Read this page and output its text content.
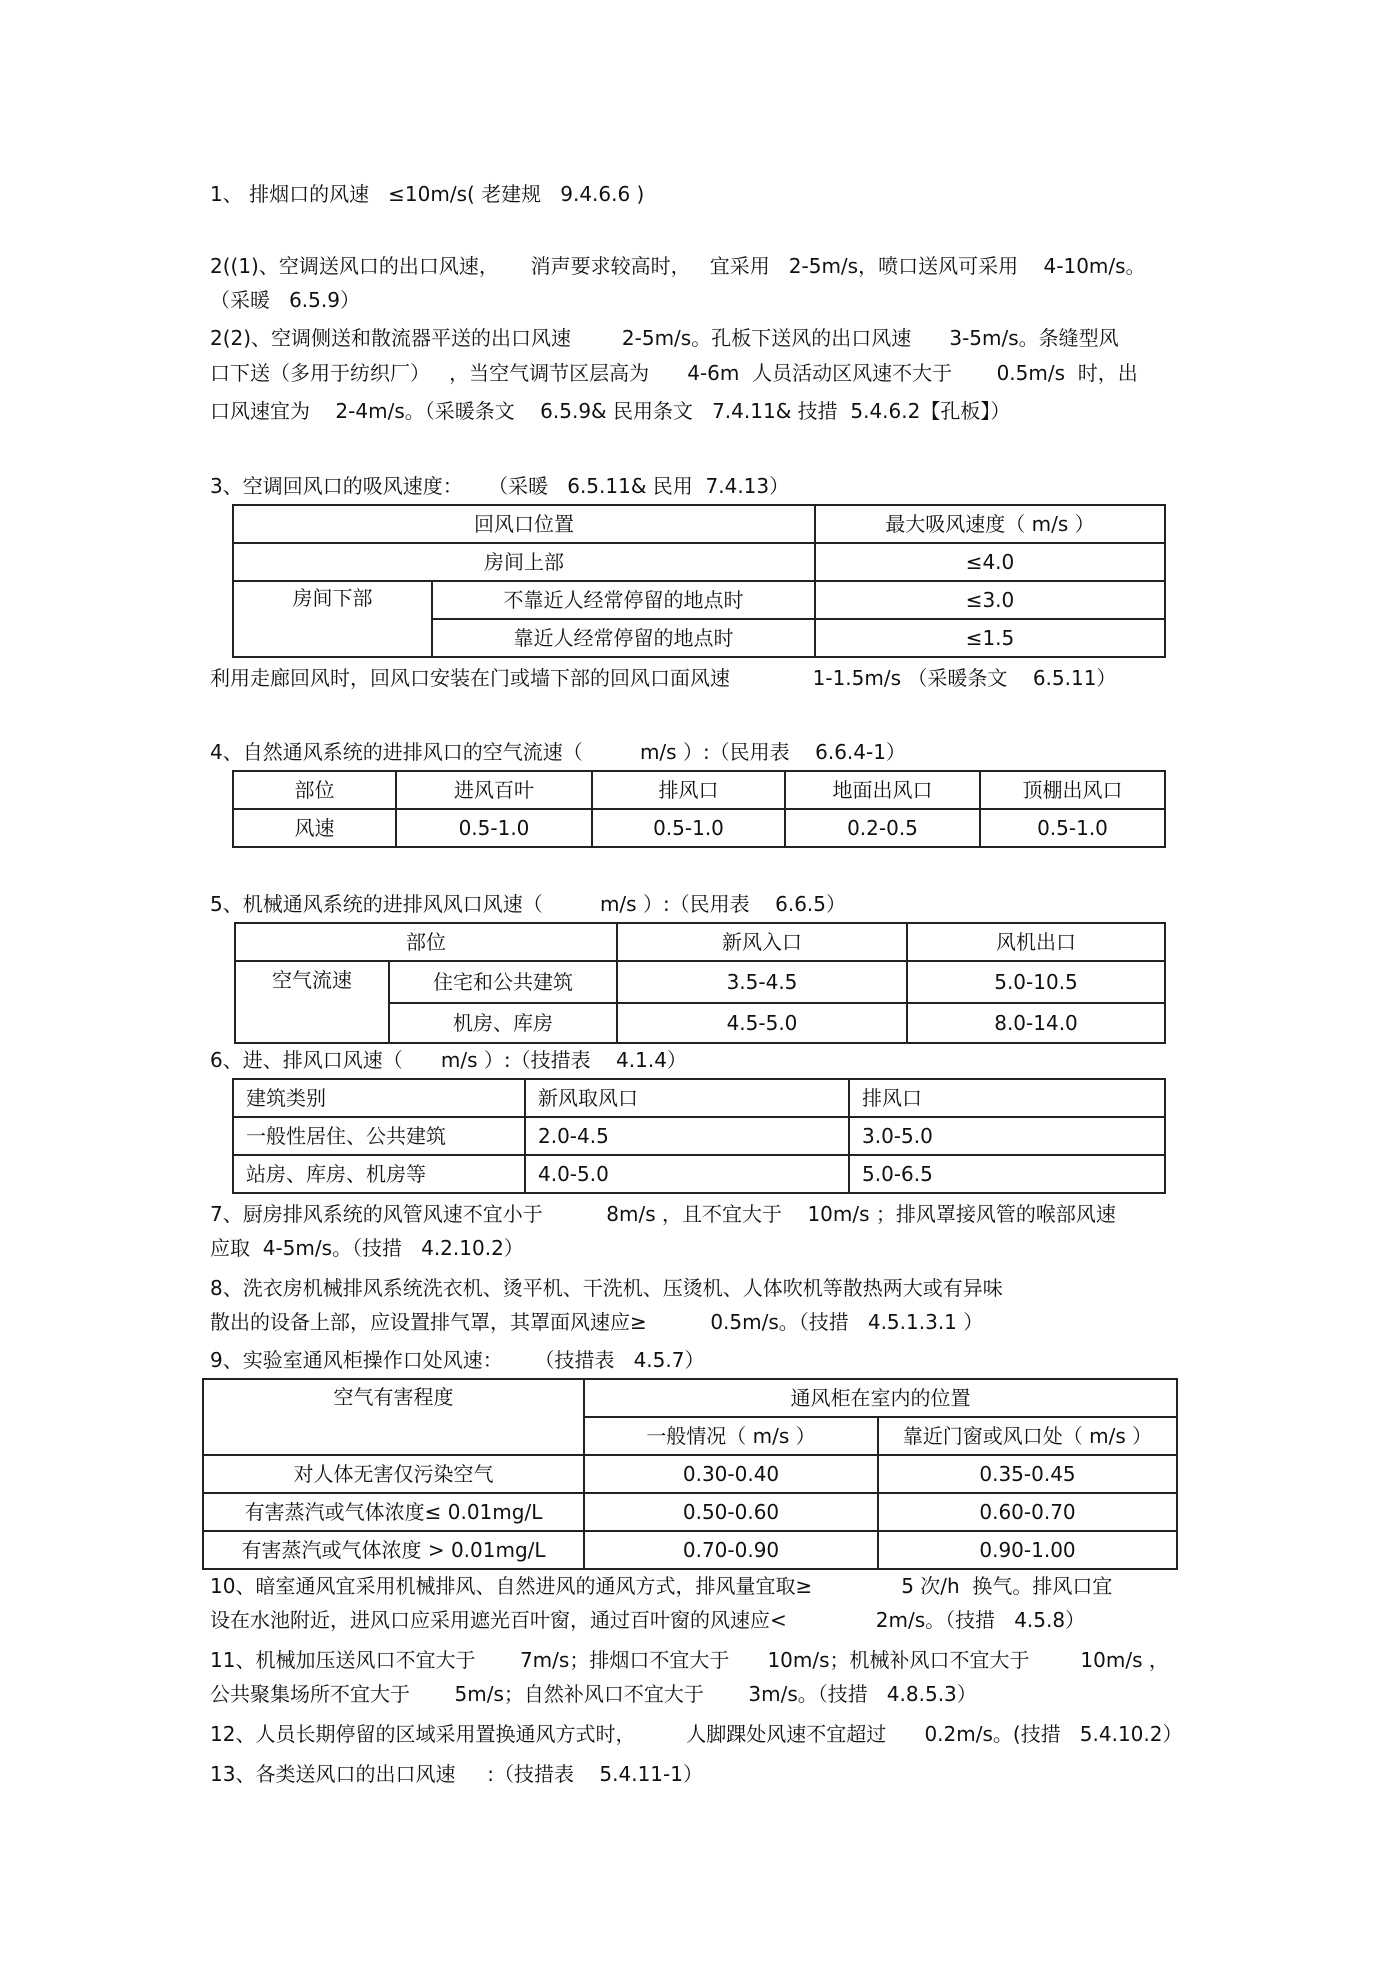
1、 排烟口的风速   ≤10m/s( 老建规   9.4.6.6 )
2((1)、空调送风口的出口风速，     消声要求较高时，   宜采用   2-5m/s，喷口送风可采用    4-10m/s。
（采暖   6.5.9）
2(2)、空调侧送和散流器平送的出口风速        2-5m/s。孔板下送风的出口风速      3-5m/s。条缝型风
口下送（多用于纺织厂）   ，当空气调节区层高为      4-6m  人员活动区风速不大于       0.5m/s  时，出
口风速宜为    2-4m/s。（采暖条文    6.5.9& 民用条文   7.4.11& 技措  5.4.6.2【孔板】）
3、空调回风口的吸风速度：    （采暖   6.5.11& 民用  7.4.13）
回风口位置		最大吸风速度（ m/s ）
房间上部		≤4.0
房间下部	不靠近人经常停留的地点时	≤3.0
	靠近人经常停留的地点时	≤1.5
利用走廊回风时，回风口安装在门或墙下部的回风口面风速             1-1.5m/s （采暖条文    6.5.11）
4、自然通风系统的进排风口的空气流速（         m/s ）:（民用表    6.6.4-1）
部位	进风百叶	排风口	地面出风口	顶棚出风口
风速	0.5-1.0	0.5-1.0	0.2-0.5	0.5-1.0
5、机械通风系统的进排风风口风速（         m/s ）:（民用表    6.6.5）
部位		新风入口	风机出口
空气流速	住宅和公共建筑	3.5-4.5	5.0-10.5
	机房、库房	4.5-5.0	8.0-14.0
6、进、排风口风速（      m/s ）:（技措表    4.1.4）
建筑类别	新风取风口	排风口
一般性居住、公共建筑	2.0-4.5	3.0-5.0
站房、库房、机房等	4.0-5.0	5.0-6.5
7、厨房排风系统的风管风速不宜小于          8m/s ，且不宜大于    10m/s ；排风罩接风管的喉部风速
应取  4-5m/s。（技措   4.2.10.2）
8、洗衣房机械排风系统洗衣机、烫平机、干洗机、压烫机、人体吹机等散热两大或有异味
散出的设备上部，应设置排气罩，其罩面风速应≥          0.5m/s。（技措   4.5.1.3.1 ）
9、实验室通风柜操作口处风速：     （技措表   4.5.7）
空气有害程度	通风柜在室内的位置	
	一般情况（ m/s ）	靠近门窗或风口处（ m/s ）
对人体无害仅污染空气	0.30-0.40	0.35-0.45
有害蒸汽或气体浓度≤ 0.01mg/L	0.50-0.60	0.60-0.70
有害蒸汽或气体浓度 > 0.01mg/L	0.70-0.90	0.90-1.00
10、暗室通风宜采用机械排风、自然进风的通风方式，排风量宜取≥              5 次/h  换气。排风口宜
设在水池附近，进风口应采用遮光百叶窗，通过百叶窗的风速应<              2m/s。（技措   4.5.8）
11、机械加压送风口不宜大于       7m/s；排烟口不宜大于      10m/s；机械补风口不宜大于        10m/s ，
公共聚集场所不宜大于       5m/s；自然补风口不宜大于       3m/s。（技措   4.8.5.3）
12、人员长期停留的区域采用置换通风方式时，        人脚踝处风速不宜超过      0.2m/s。(技措   5.4.10.2）
13、各类送风口的出口风速     :（技措表    5.4.11-1）
